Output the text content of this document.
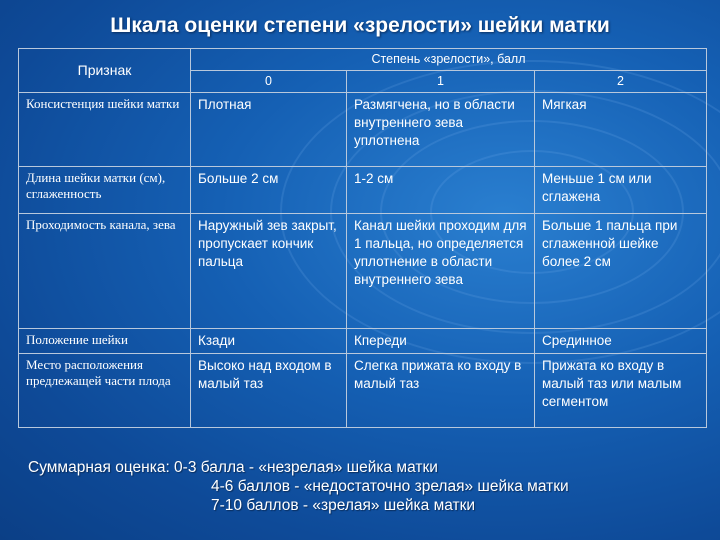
Шкала оценки степени «зрелости» шейки матки
Признак	Степень «зрелости», балл		
	0	1	2
Консистенция шейки матки	Плотная	Размягчена, но в области внутреннего зева уплотнена	Мягкая
Длина шейки матки (см), сглаженность	Больше 2 см	1-2 см	Меньше 1 см или сглажена
Проходимость канала, зева	Наружный зев закрыт, пропускает кончик пальца	Канал шейки проходим для 1 пальца, но определяется уплотнение в области внутреннего зева	Больше 1 пальца при сглаженной шейке более 2 см
Положение шейки	Кзади	Кпереди	Срединное
Место расположения предлежащей части плода	Высоко над входом в малый таз	Слегка прижата ко входу в малый таз	Прижата ко входу в малый таз или малым сегментом
Суммарная оценка: 0-3 балла - «незрелая» шейка матки
4-6 баллов - «недостаточно зрелая» шейка матки
7-10 баллов - «зрелая» шейка матки
